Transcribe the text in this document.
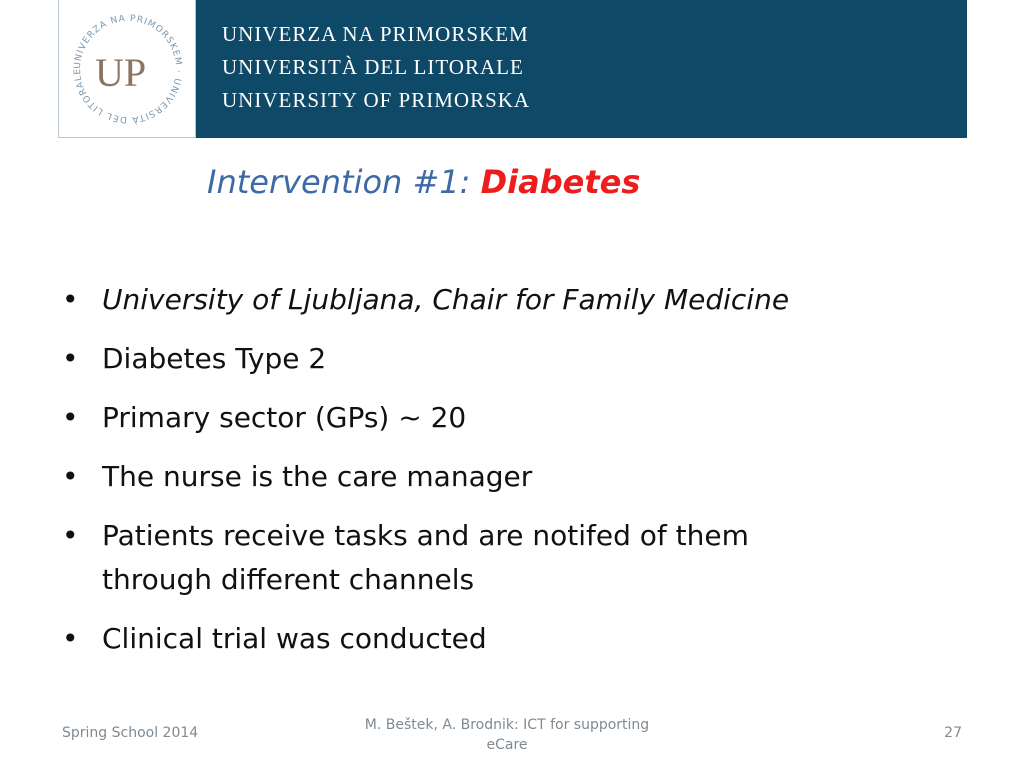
UNIVERZA NA PRIMORSKEM · UNIVERSITÀ DEL LITORALE UP
UNIVERZA NA PRIMORSKEM
UNIVERSITÀ DEL LITORALE
UNIVERSITY OF PRIMORSKA
Intervention #1: Diabetes
• University of Ljubljana, Chair for Family Medicine
• Diabetes Type 2
• Primary sector (GPs) ~ 20
• The nurse is the care manager
• Patients receive tasks and are notifed of them through different channels
• Clinical trial was conducted
Spring School 2014	M. Beštek, A. Brodnik: ICT for supporting eCare
27
